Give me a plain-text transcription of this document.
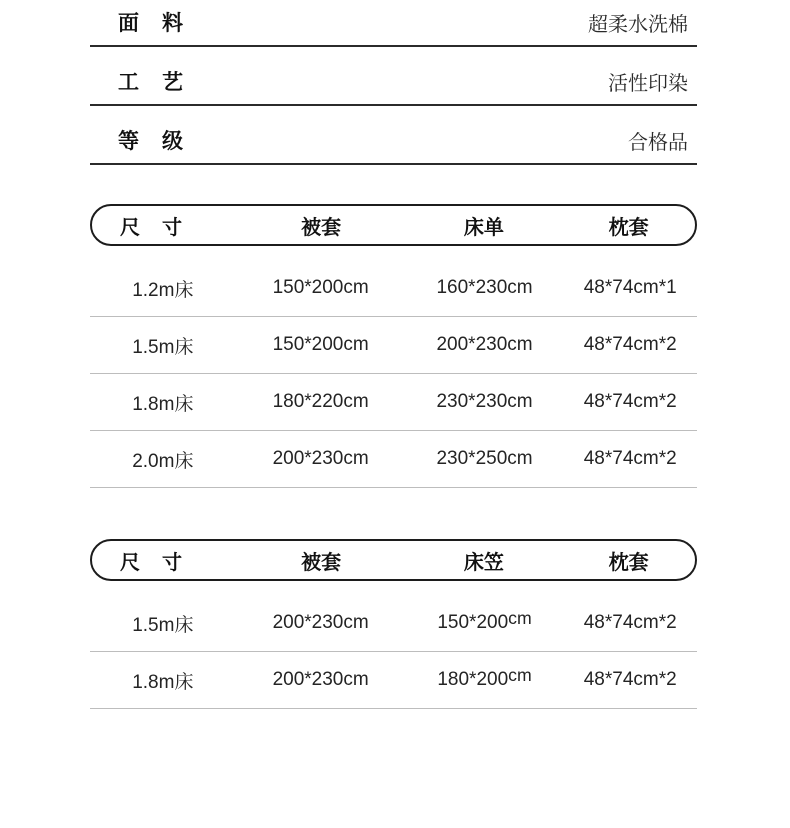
面　料	超柔水洗棉
工　艺	活性印染
等　级	合格品
尺　寸	被套	床单	枕套
1.2m床	150*200cm	160*230cm	48*74cm*1
1.5m床	150*200cm	200*230cm	48*74cm*2
1.8m床	180*220cm	230*230cm	48*74cm*2
2.0m床	200*230cm	230*250cm	48*74cm*2
尺　寸	被套	床笠	枕套
1.5m床	200*230cm	150*200cm	48*74cm*2
1.8m床	200*230cm	180*200cm	48*74cm*2
